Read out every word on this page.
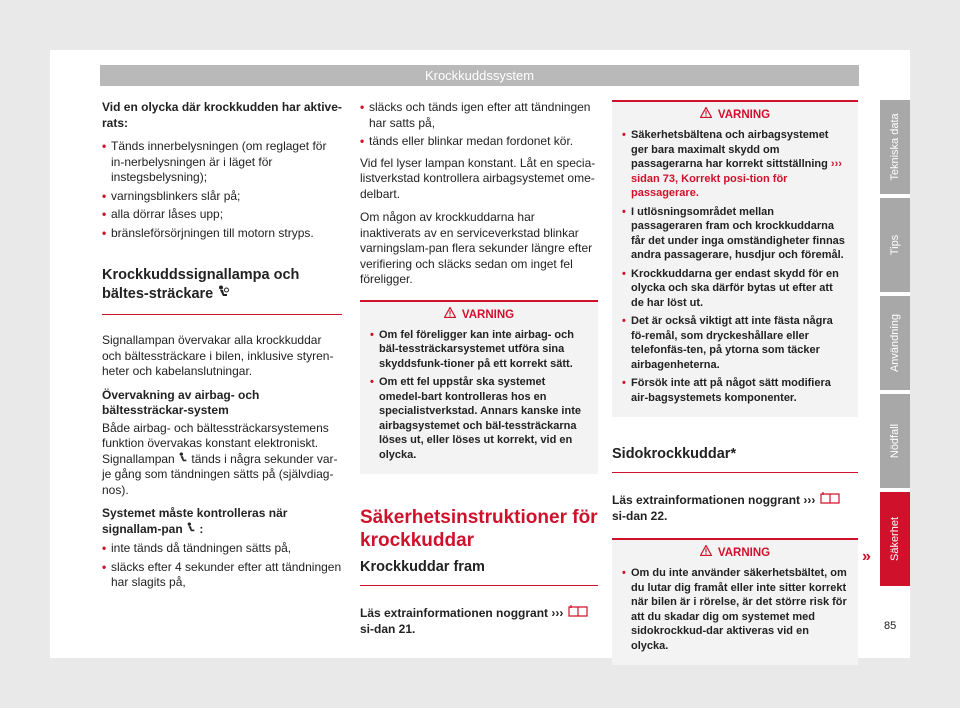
Krockkuddssystem

Vid en olycka där krockkudden har aktive-rats:

• Tänds innerbelysningen (om reglaget för in-nerbelysningen är i läget för instegsbelysning);
• varningsblinkers slår på;
• alla dörrar låses upp;
• bränsleförsörjningen till motorn stryps.
Krockkuddssignallampa och bältes-sträckare

Signallampan övervakar alla krockkuddar och bältessträckare i bilen, inklusive styren-heter och kabelanslutningar.

Övervakning av airbag- och bältessträckar-system

Både airbag- och bältessträckarsystemens funktion övervakas konstant elektroniskt. Signallampan tänds i några sekunder var-je gång som tändningen sätts på (självdiag-nos).

Systemet måste kontrolleras när signallam-pan :

• inte tänds då tändningen sätts på,
• släcks efter 4 sekunder efter att tändningen har slagits på,
• släcks och tänds igen efter att tändningen har satts på,
• tänds eller blinkar medan fordonet kör.

Vid fel lyser lampan konstant. Låt en specia-listverkstad kontrollera airbagsystemet ome-delbart.

Om någon av krockkuddarna har inaktiverats av en serviceverkstad blinkar varningslam-pan flera sekunder längre efter verifiering och släcks sedan om inget fel föreligger.

VARNING
• Om fel föreligger kan inte airbag- och bäl-tessträckarsystemet utföra sina skyddsfunk-tioner på ett korrekt sätt.
• Om ett fel uppstår ska systemet omedel-bart kontrolleras hos en specialistverkstad. Annars kanske inte airbagsystemet och bäl-tessträckarna löses ut, eller löses ut korrekt, vid en olycka.
Säkerhetsinstruktioner för krockkuddar
Krockkuddar fram

Läs extrainformationen noggrant ›››  si-dan 21.

VARNING
• Säkerhetsbältena och airbagsystemet ger bara maximalt skydd om passagerarna har korrekt sittställning ››› sidan 73, Korrekt posi-tion för passagerare.
• I utlösningsområdet mellan passageraren fram och krockkuddarna får det under inga omständigheter finnas andra passagerare, husdjur och föremål.
• Krockkuddarna ger endast skydd för en olycka och ska därför bytas ut efter att de har löst ut.
• Det är också viktigt att inte fästa några fö-remål, som dryckeshållare eller telefonfäs-ten, på ytorna som täcker airbagenheterna.
• Försök inte att på något sätt modifiera air-bagsystemets komponenter.
Sidokrockkuddar*

Läs extrainformationen noggrant ›››  si-dan 22.

VARNING
• Om du inte använder säkerhetsbältet, om du lutar dig framåt eller inte sitter korrekt när bilen är i rörelse, är det större risk för att du skadar dig om systemet med sidokrockkud-dar aktiveras vid en olycka.
»
Tekniska data
Tips
Användning
Nödfall
Säkerhet
85
